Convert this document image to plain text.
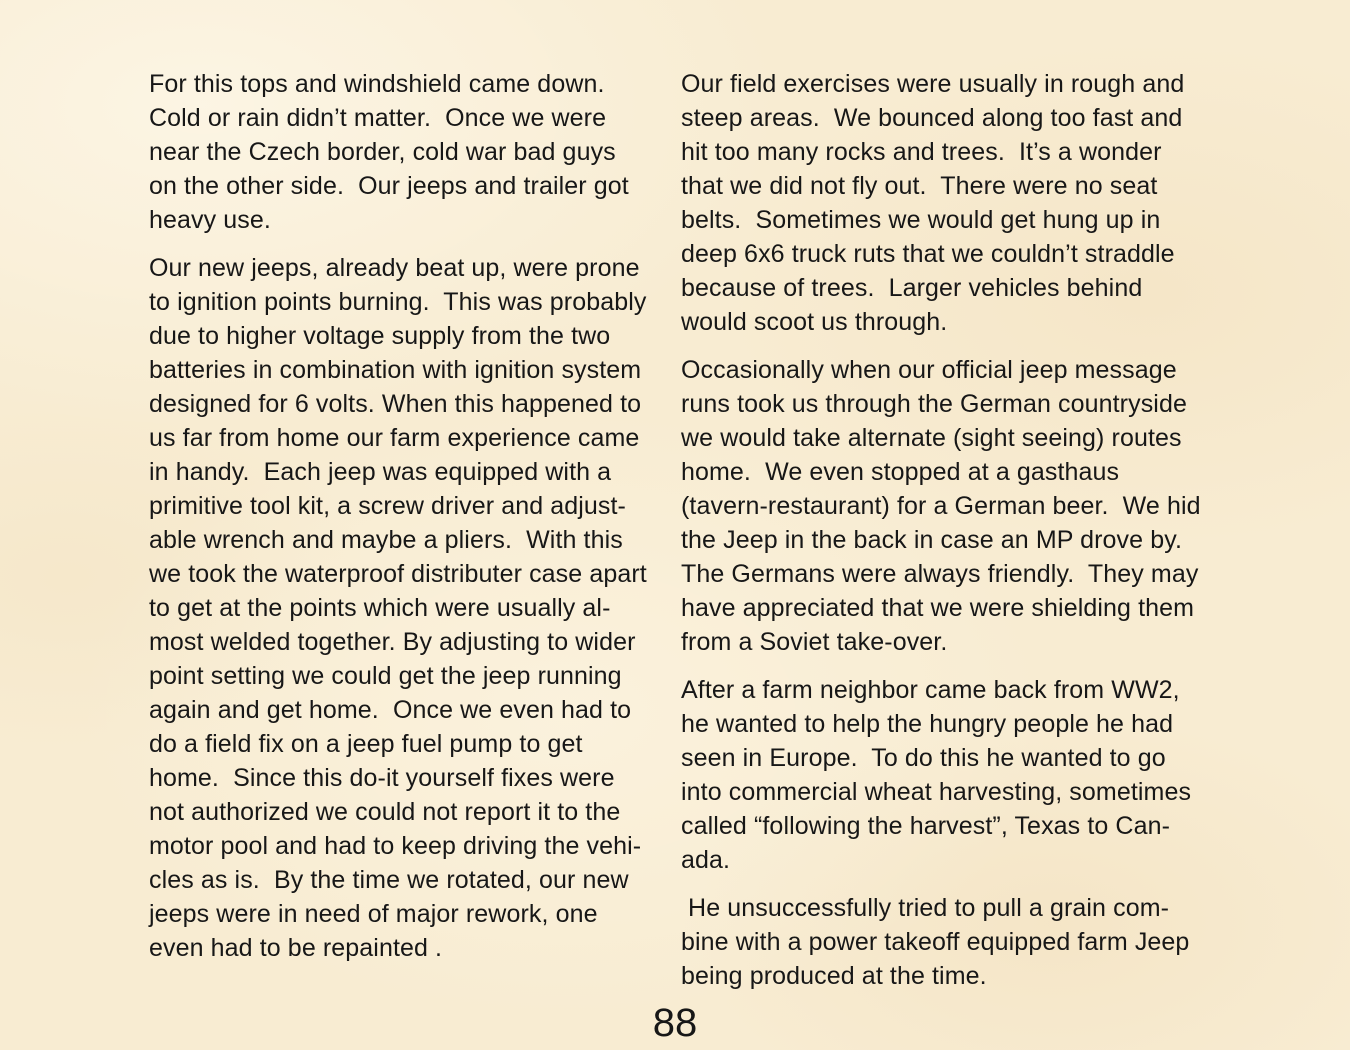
For this tops and windshield came down.
Cold or rain didn’t matter.  Once we were
near the Czech border, cold war bad guys
on the other side.  Our jeeps and trailer got
heavy use.
Our new jeeps, already beat up, were prone
to ignition points burning.  This was probably
due to higher voltage supply from the two
batteries in combination with ignition system
designed for 6 volts. When this happened to
us far from home our farm experience came
in handy.  Each jeep was equipped with a
primitive tool kit, a screw driver and adjust-
able wrench and maybe a pliers.  With this
we took the waterproof distributer case apart
to get at the points which were usually al-
most welded together. By adjusting to wider
point setting we could get the jeep running
again and get home.  Once we even had to
do a field fix on a jeep fuel pump to get
home.  Since this do-it yourself fixes were
not authorized we could not report it to the
motor pool and had to keep driving the vehi-
cles as is.  By the time we rotated, our new
jeeps were in need of major rework, one
even had to be repainted .
Our field exercises were usually in rough and
steep areas.  We bounced along too fast and
hit too many rocks and trees.  It’s a wonder
that we did not fly out.  There were no seat
belts.  Sometimes we would get hung up in
deep 6x6 truck ruts that we couldn’t straddle
because of trees.  Larger vehicles behind
would scoot us through.
Occasionally when our official jeep message
runs took us through the German countryside
we would take alternate (sight seeing) routes
home.  We even stopped at a gasthaus
(tavern-restaurant) for a German beer.  We hid
the Jeep in the back in case an MP drove by.
The Germans were always friendly.  They may
have appreciated that we were shielding them
from a Soviet take-over.
After a farm neighbor came back from WW2,
he wanted to help the hungry people he had
seen in Europe.  To do this he wanted to go
into commercial wheat harvesting, sometimes
called “following the harvest”, Texas to Can-
ada.
He unsuccessfully tried to pull a grain com-
bine with a power takeoff equipped farm Jeep
being produced at the time.
88
